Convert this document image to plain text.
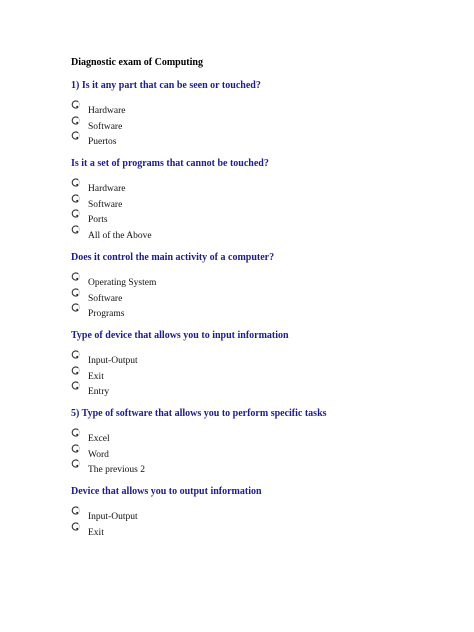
Diagnostic exam of Computing
1) Is it any part that can be seen or touched?
Hardware
Software
Puertos
Is it a set of programs that cannot be touched?
Hardware
Software
Ports
All of the Above
Does it control the main activity of a computer?
Operating System
Software
Programs
Type of device that allows you to input information
Input-Output
Exit
Entry
5) Type of software that allows you to perform specific tasks
Excel
Word
The previous 2
Device that allows you to output information
Input-Output
Exit
